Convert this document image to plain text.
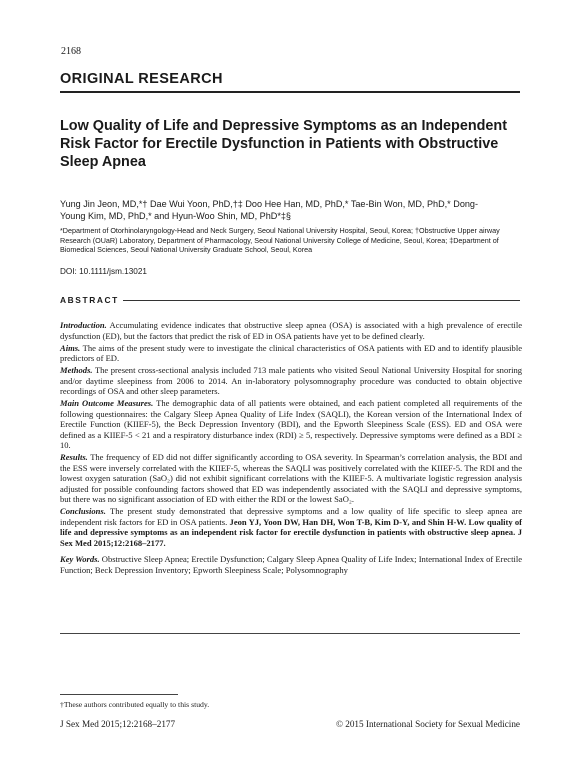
2168
ORIGINAL RESEARCH
Low Quality of Life and Depressive Symptoms as an Independent Risk Factor for Erectile Dysfunction in Patients with Obstructive Sleep Apnea

Yung Jin Jeon, MD,*† Dae Wui Yoon, PhD,†‡ Doo Hee Han, MD, PhD,* Tae-Bin Won, MD, PhD,* Dong-Young Kim, MD, PhD,* and Hyun-Woo Shin, MD, PhD*‡§

*Department of Otorhinolaryngology-Head and Neck Surgery, Seoul National University Hospital, Seoul, Korea; †Obstructive Upper airway Research (OUaR) Laboratory, Department of Pharmacology, Seoul National University College of Medicine, Seoul, Korea; ‡Department of Biomedical Sciences, Seoul National University Graduate School, Seoul, Korea

DOI: 10.1111/jsm.13021
ABSTRACT

Introduction. Accumulating evidence indicates that obstructive sleep apnea (OSA) is associated with a high prevalence of erectile dysfunction (ED), but the factors that predict the risk of ED in OSA patients have yet to be defined clearly.

Aims. The aims of the present study were to investigate the clinical characteristics of OSA patients with ED and to identify plausible predictors of ED.

Methods. The present cross-sectional analysis included 713 male patients who visited Seoul National University Hospital for snoring and/or daytime sleepiness from 2006 to 2014. An in-laboratory polysomnography procedure was conducted to obtain objective recordings of OSA and other sleep parameters.

Main Outcome Measures. The demographic data of all patients were obtained, and each patient completed all requirements of the following questionnaires: the Calgary Sleep Apnea Quality of Life Index (SAQLI), the Korean version of the International Index of Erectile Function (KIIEF-5), the Beck Depression Inventory (BDI), and the Epworth Sleepiness Scale (ESS). ED and OSA were defined as a KIIEF-5 < 21 and a respiratory disturbance index (RDI) ≥ 5, respectively. Depressive symptoms were defined as a BDI ≥ 10.

Results. The frequency of ED did not differ significantly according to OSA severity. In Spearman’s correlation analysis, the BDI and the ESS were inversely correlated with the KIIEF-5, whereas the SAQLI was positively correlated with the KIIEF-5. The RDI and the lowest oxygen saturation (SaO₂) did not exhibit significant correlations with the KIIEF-5. A multivariate logistic regression analysis adjusted for possible confounding factors showed that ED was independently associated with the SAQLI and depressive symptoms, but there was no significant association of ED with either the RDI or the lowest SaO₂.

Conclusions. The present study demonstrated that depressive symptoms and a low quality of life specific to sleep apnea are independent risk factors for ED in OSA patients. Jeon YJ, Yoon DW, Han DH, Won T-B, Kim D-Y, and Shin H-W. Low quality of life and depressive symptoms as an independent risk factor for erectile dysfunction in patients with obstructive sleep apnea. J Sex Med 2015;12:2168–2177.

Key Words. Obstructive Sleep Apnea; Erectile Dysfunction; Calgary Sleep Apnea Quality of Life Index; International Index of Erectile Function; Beck Depression Inventory; Epworth Sleepiness Scale; Polysomnography

†These authors contributed equally to this study.
J Sex Med 2015;12:2168–2177	© 2015 International Society for Sexual Medicine
